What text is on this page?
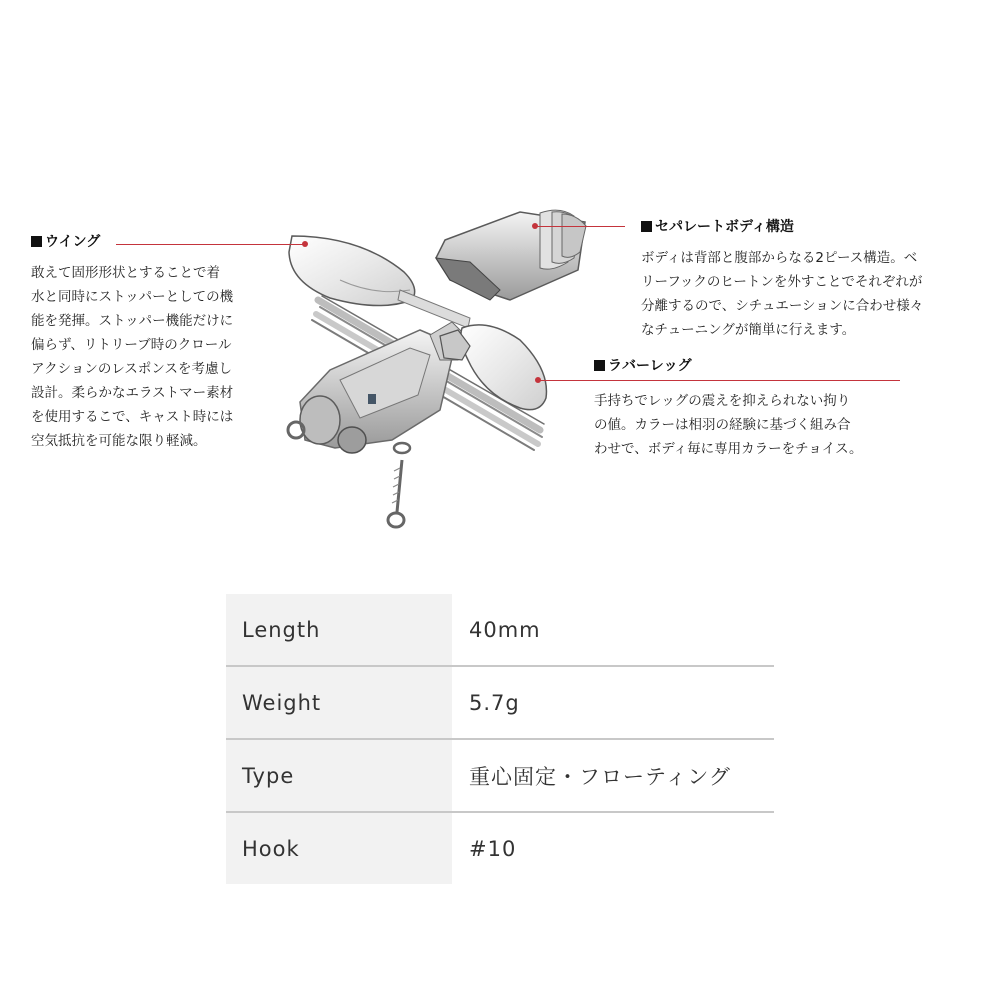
ウイング
敢えて固形形状とすることで着
水と同時にストッパーとしての機
能を発揮。ストッパー機能だけに
偏らず、リトリーブ時のクロール
アクションのレスポンスを考慮し
設計。柔らかなエラストマー素材
を使用するこで、キャスト時には
空気抵抗を可能な限り軽減。
セパレートボディ構造
ボディは背部と腹部からなる2ピース構造。ベ
リーフックのヒートンを外すことでそれぞれが
分離するので、シチュエーションに合わせ様々
なチューニングが簡単に行えます。
ラバーレッグ
手持ちでレッグの震えを抑えられない拘り
の値。カラーは相羽の経験に基づく組み合
わせで、ボディ毎に専用カラーをチョイス。
Length	40mm
Weight	5.7g
Type	重心固定・フローティング
Hook	#10
